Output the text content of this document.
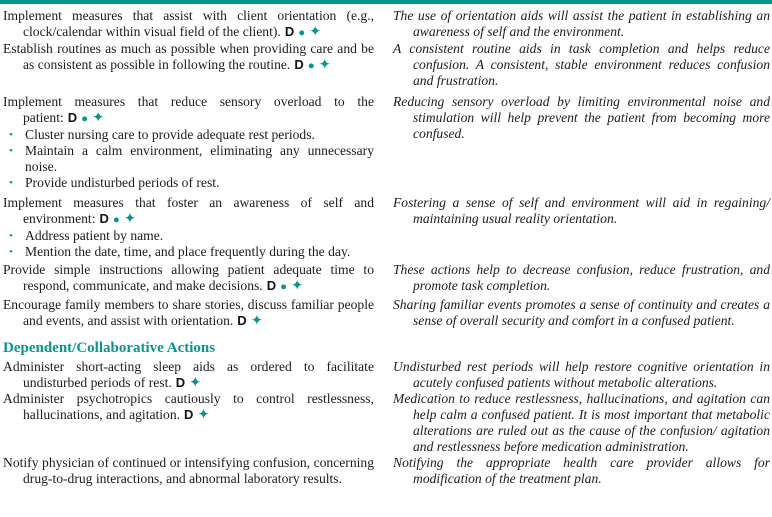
Implement measures that assist with client orientation (e.g., clock/calendar within visual field of the client). D ● ✦

The use of orientation aids will assist the patient in establishing an awareness of self and the environment.

Establish routines as much as possible when providing care and be as consistent as possible in following the routine. D ● ✦

A consistent routine aids in task completion and helps reduce confusion. A consistent, stable environment reduces confusion and frustration.

Implement measures that reduce sensory overload to the patient: D ● ✦

• Cluster nursing care to provide adequate rest periods.
• Maintain a calm environment, eliminating any unnecessary noise.
• Provide undisturbed periods of rest.

Reducing sensory overload by limiting environmental noise and stimulation will help prevent the patient from becoming more confused.

Implement measures that foster an awareness of self and environment: D ● ✦

• Address patient by name.
• Mention the date, time, and place frequently during the day.

Fostering a sense of self and environment will aid in regaining/ maintaining usual reality orientation.

Provide simple instructions allowing patient adequate time to respond, communicate, and make decisions. D ● ✦

These actions help to decrease confusion, reduce frustration, and promote task completion.

Encourage family members to share stories, discuss familiar people and events, and assist with orientation. D ✦

Sharing familiar events promotes a sense of continuity and creates a sense of overall security and comfort in a confused patient.

Dependent/Collaborative Actions

Administer short-acting sleep aids as ordered to facilitate undisturbed periods of rest. D ✦

Undisturbed rest periods will help restore cognitive orientation in acutely confused patients without metabolic alterations.

Administer psychotropics cautiously to control restlessness, hallucinations, and agitation. D ✦

Medication to reduce restlessness, hallucinations, and agitation can help calm a confused patient. It is most important that metabolic alterations are ruled out as the cause of the confusion/ agitation and restlessness before medication administration.

Notify physician of continued or intensifying confusion, concerning drug-to-drug interactions, and abnormal laboratory results.

Notifying the appropriate health care provider allows for modification of the treatment plan.
